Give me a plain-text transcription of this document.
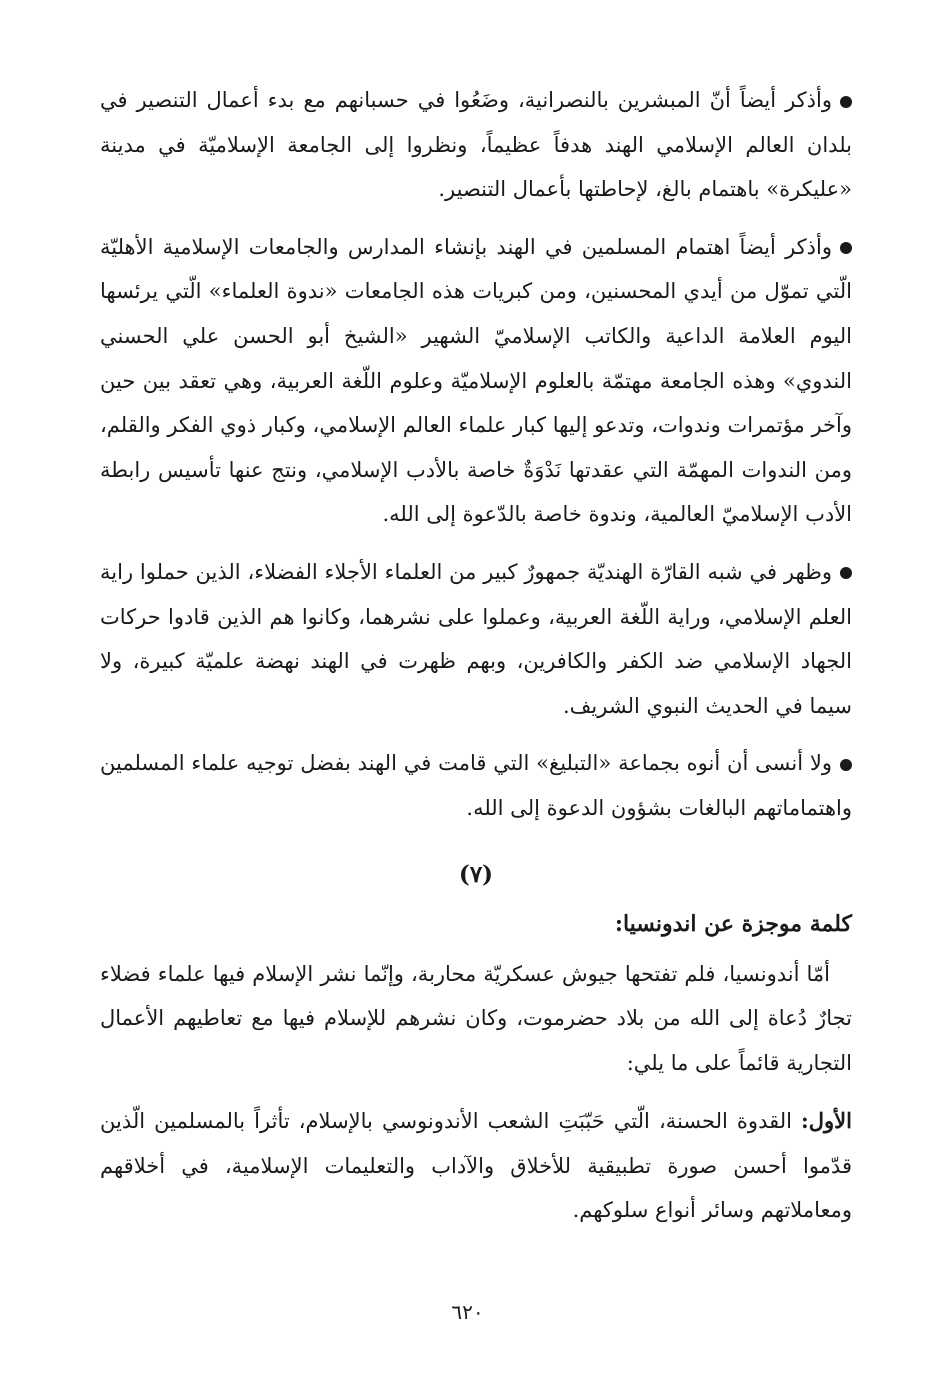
وأذكر أيضاً أنّ المبشرين بالنصرانية، وضَعُوا في حسبانهم مع بدء أعمال التنصير في بلدان العالم الإسلامي الهند هدفاً عظيماً، ونظروا إلى الجامعة الإسلاميّة في مدينة «عليكرة» باهتمام بالغ، لإحاطتها بأعمال التنصير.

وأذكر أيضاً اهتمام المسلمين في الهند بإنشاء المدارس والجامعات الإسلامية الأهليّة الّتي تموّل من أيدي المحسنين، ومن كبريات هذه الجامعات «ندوة العلماء» الّتي يرئسها اليوم العلامة الداعية والكاتب الإسلاميّ الشهير «الشيخ أبو الحسن علي الحسني الندوي» وهذه الجامعة مهتمّة بالعلوم الإسلاميّة وعلوم اللّغة العربية، وهي تعقد بين حين وآخر مؤتمرات وندوات، وتدعو إليها كبار علماء العالم الإسلامي، وكبار ذوي الفكر والقلم، ومن الندوات المهمّة التي عقدتها نَدْوَةٌ خاصة بالأدب الإسلامي، ونتج عنها تأسيس رابطة الأدب الإسلاميّ العالمية، وندوة خاصة بالدّعوة إلى الله.

وظهر في شبه القارّة الهنديّة جمهورٌ كبير من العلماء الأجلاء الفضلاء، الذين حملوا راية العلم الإسلامي، وراية اللّغة العربية، وعملوا على نشرهما، وكانوا هم الذين قادوا حركات الجهاد الإسلامي ضد الكفر والكافرين، وبهم ظهرت في الهند نهضة علميّة كبيرة، ولا سيما في الحديث النبوي الشريف.

ولا أنسى أن أنوه بجماعة «التبليغ» التي قامت في الهند بفضل توجيه علماء المسلمين واهتماماتهم البالغات بشؤون الدعوة إلى الله.

(٧)

كلمة موجزة عن اندونسيا:

أمّا أندونسيا، فلم تفتحها جيوش عسكريّة محاربة، وإنّما نشر الإسلام فيها علماء فضلاء تجارٌ دُعاة إلى الله من بلاد حضرموت، وكان نشرهم للإسلام فيها مع تعاطيهم الأعمال التجارية قائماً على ما يلي:

الأول: القدوة الحسنة، الّتي حَبّبَتِ الشعب الأندونوسي بالإسلام، تأثراً بالمسلمين الّذين قدّموا أحسن صورة تطبيقية للأخلاق والآداب والتعليمات الإسلامية، في أخلاقهم ومعاملاتهم وسائر أنواع سلوكهم.

٦٢٠
